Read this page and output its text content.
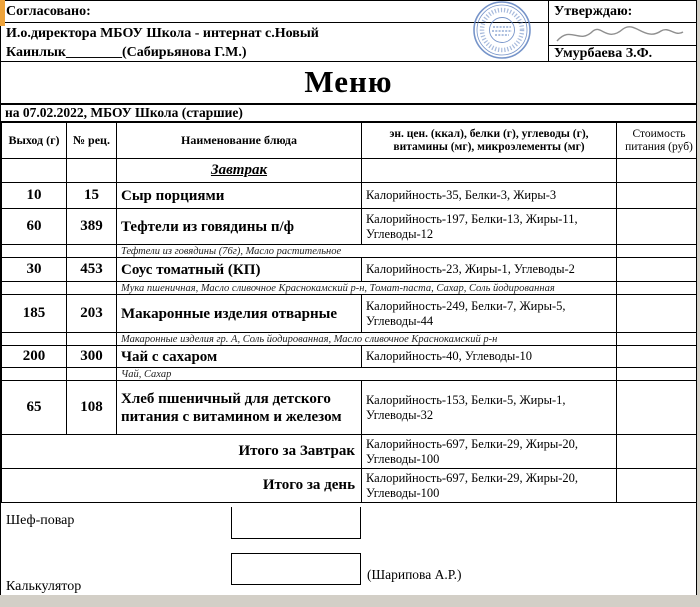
Согласовано:
И.о.директора МБОУ Школа - интернат с.Новый
Каинлык________(Сабирьянова Г.М.)
Утверждаю:
Умурбаева З.Ф.
Меню
на 07.02.2022, МБОУ Школа (старшие)
Выход (г)	№ рец.	Наименование блюда	эн. цен. (ккал), белки (г), углеводы (г), витамины (мг), микроэлементы (мг)	Стоимость питания (руб)
		Завтрак		
10	15	Сыр порциями	Калорийность-35, Белки-3, Жиры-3	
60	389	Тефтели из говядины п/ф	Калорийность-197, Белки-13, Жиры-11, Углеводы-12	
		Тефтели из говядины (76г), Масло растительное		
30	453	Соус томатный (КП)	Калорийность-23, Жиры-1, Углеводы-2	
		Мука пшеничная, Масло сливочное Краснокамский р-н, Томат-паста, Сахар, Соль йодированная		
185	203	Макаронные изделия отварные	Калорийность-249, Белки-7, Жиры-5, Углеводы-44	
		Макаронные изделия гр. А, Соль йодированная, Масло сливочное Краснокамский р-н		
200	300	Чай с сахаром	Калорийность-40, Углеводы-10	
		Чай, Сахар		
65	108	Хлеб пшеничный для детского питания с витамином и железом	Калорийность-153, Белки-5, Жиры-1, Углеводы-32	
Итого за Завтрак			Калорийность-697, Белки-29, Жиры-20, Углеводы-100	
Итого за день			Калорийность-697, Белки-29, Жиры-20, Углеводы-100	
Шеф-повар
Калькулятор
(Шарипова А.Р.)
